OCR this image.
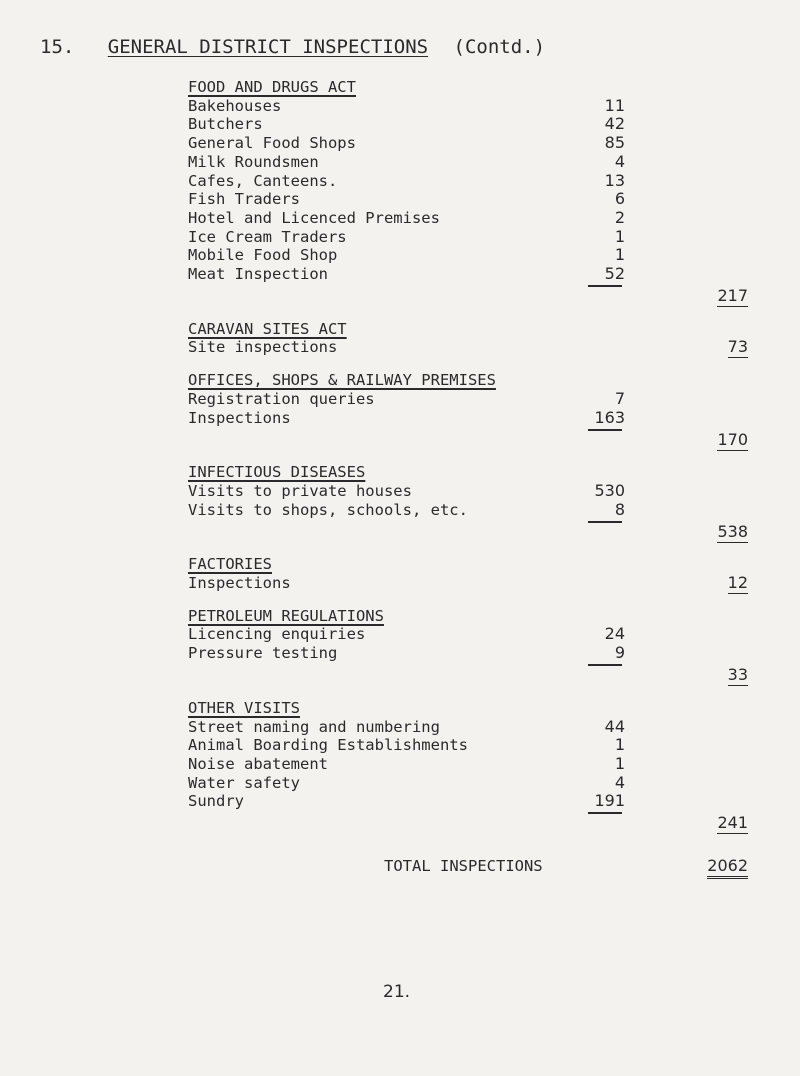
15. GENERAL DISTRICT INSPECTIONS (Contd.)
FOOD AND DRUGS ACT
Bakehouses	11
Butchers	42
General Food Shops	85
Milk Roundsmen	4
Cafes, Canteens.	13
Fish Traders	6
Hotel and Licenced Premises	2
Ice Cream Traders	1
Mobile Food Shop	1
Meat Inspection	52
217
CARAVAN SITES ACT
Site inspections	73
OFFICES, SHOPS & RAILWAY PREMISES
Registration queries	7
Inspections	163
170
INFECTIOUS DISEASES
Visits to private houses	530
Visits to shops, schools, etc.	8
538
FACTORIES
Inspections	12
PETROLEUM REGULATIONS
Licencing enquiries	24
Pressure testing	9
33
OTHER VISITS
Street naming and numbering	44
Animal Boarding Establishments	1
Noise abatement	1
Water safety	4
Sundry	191
241
TOTAL INSPECTIONS	2062
21.
